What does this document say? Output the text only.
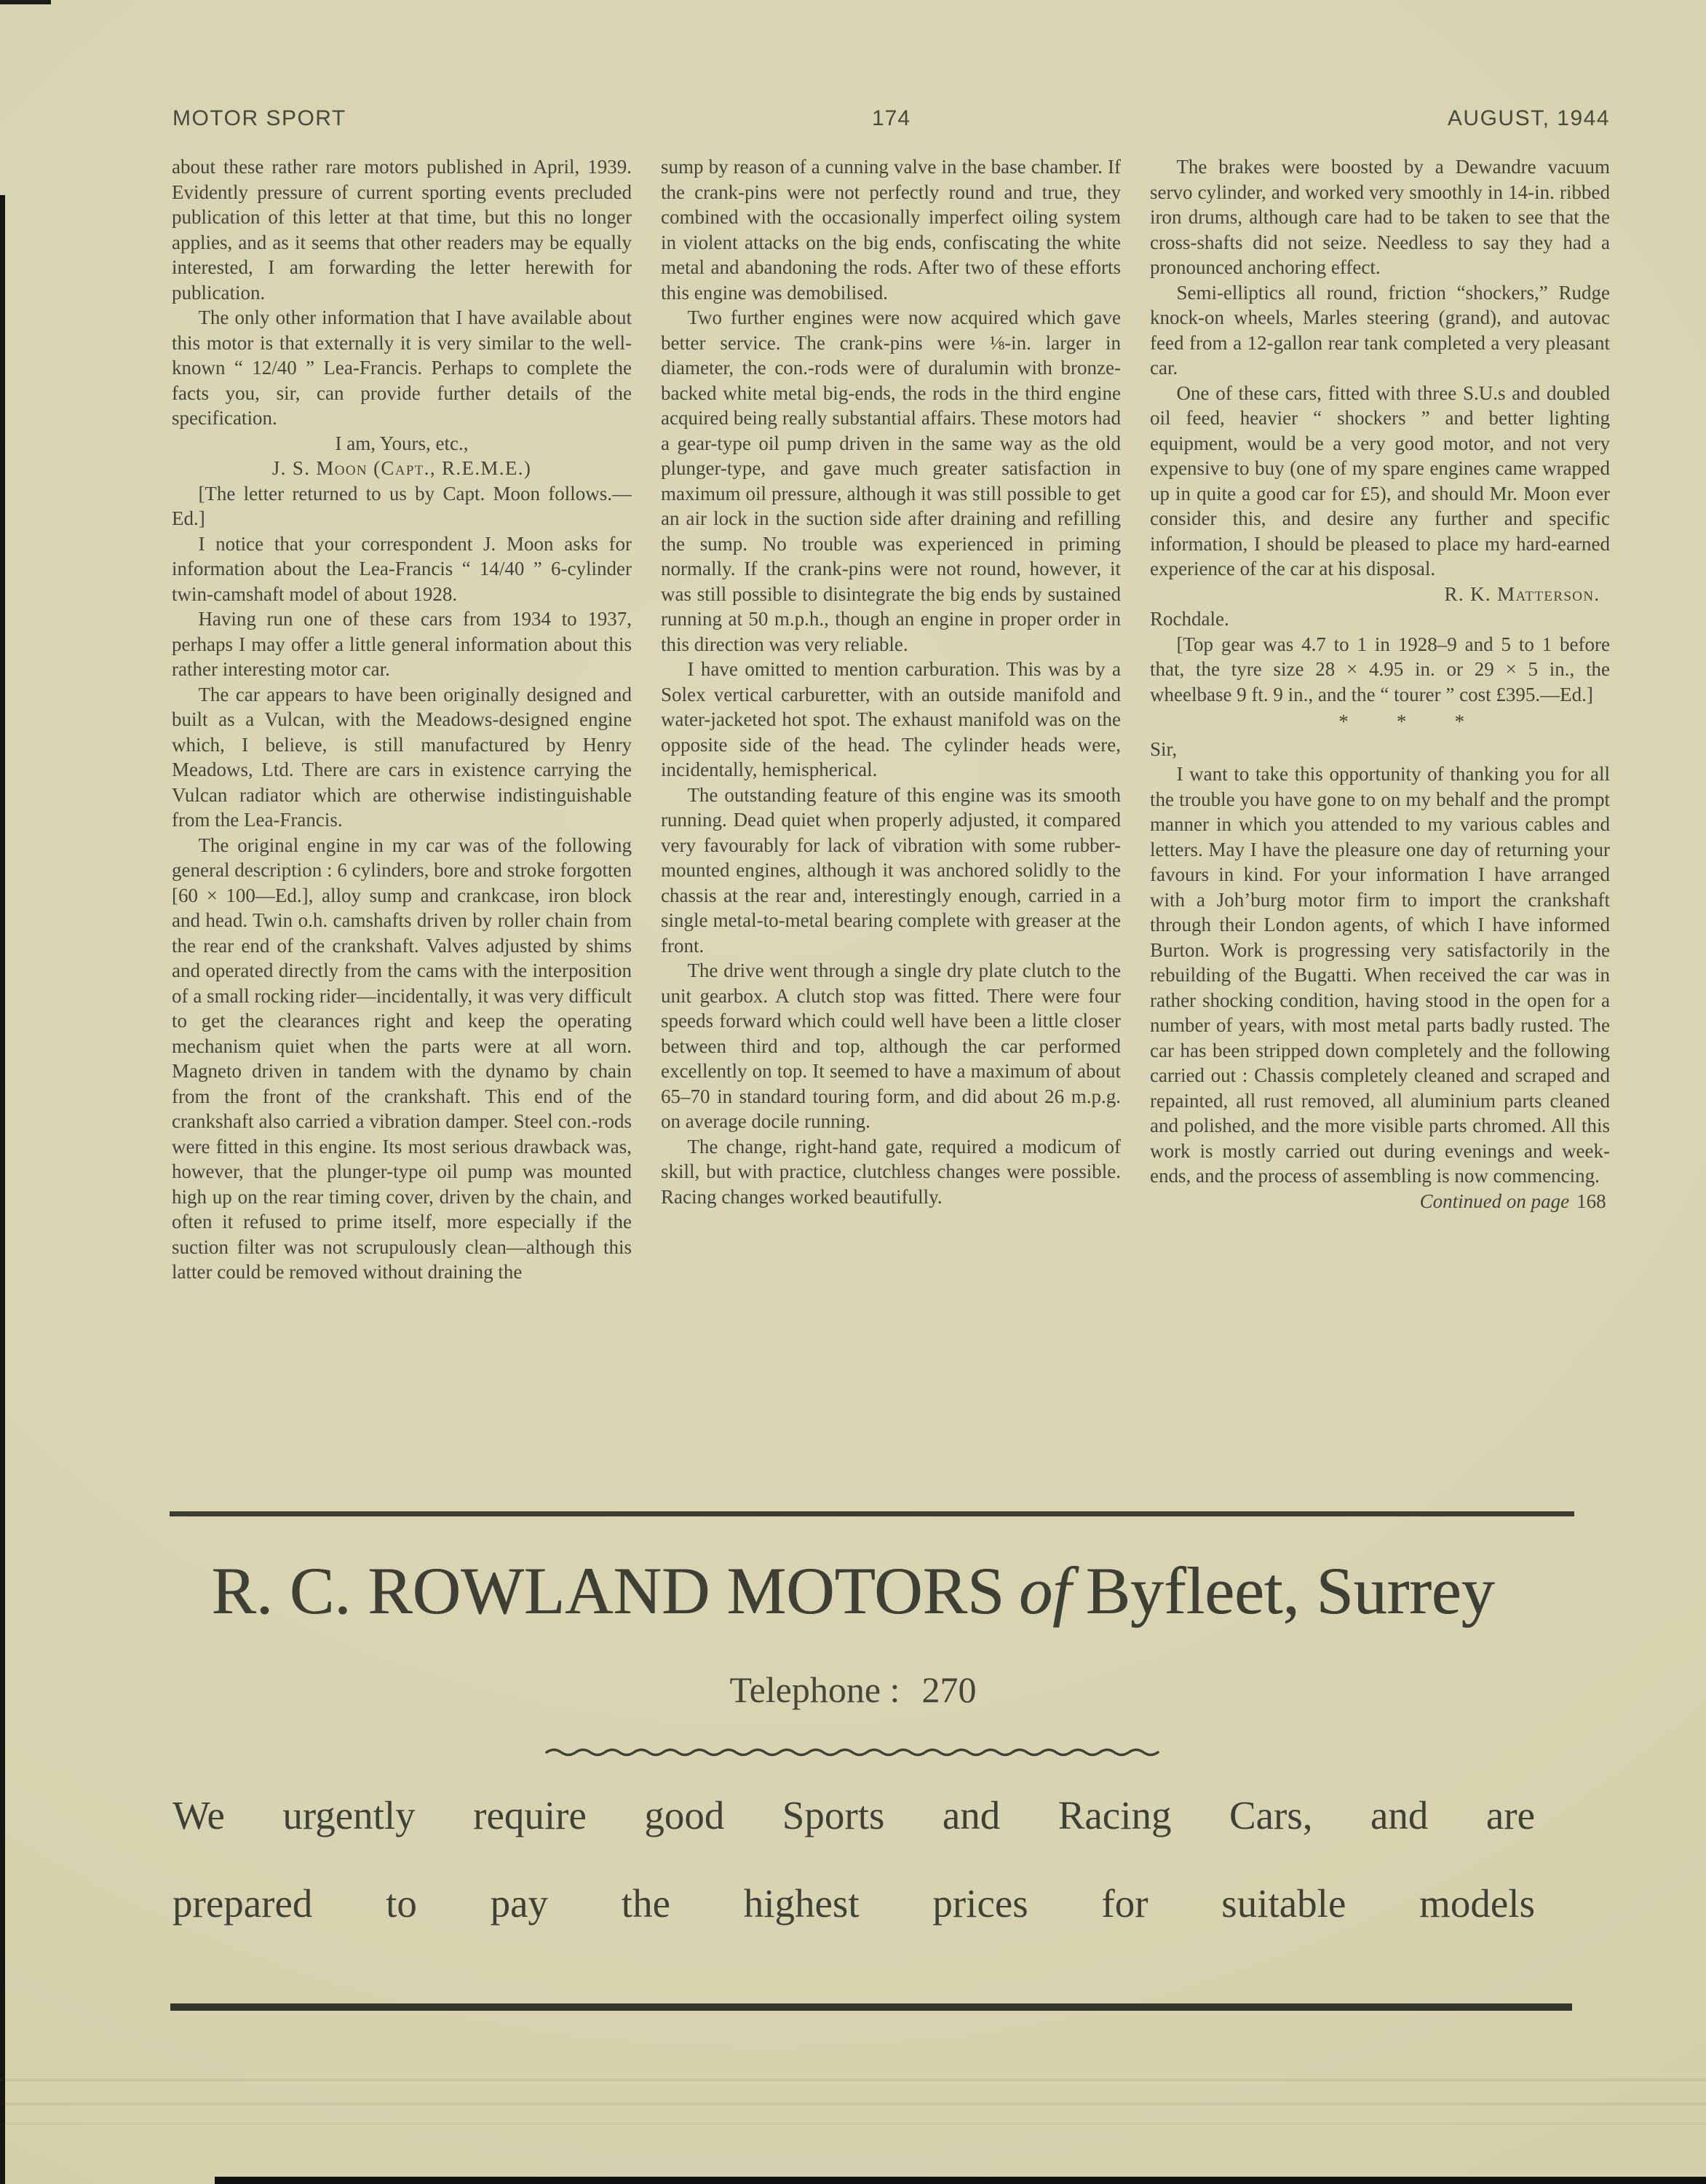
MOTOR SPORT	174	AUGUST, 1944

about these rather rare motors published in April, 1939. Evidently pressure of current sporting events precluded publication of this letter at that time, but this no longer applies, and as it seems that other readers may be equally interested, I am forwarding the letter herewith for publication.

The only other information that I have available about this motor is that externally it is very similar to the well-known “ 12/40 ” Lea-Francis. Perhaps to complete the facts you, sir, can provide further details of the specification.

I am, Yours, etc.,

J. S. Moon (Capt., R.E.M.E.)

[The letter returned to us by Capt. Moon follows.—Ed.]

I notice that your correspondent J. Moon asks for information about the Lea-Francis “ 14/40 ” 6-cylinder twin-camshaft model of about 1928.

Having run one of these cars from 1934 to 1937, perhaps I may offer a little general information about this rather interesting motor car.

The car appears to have been originally designed and built as a Vulcan, with the Meadows-designed engine which, I believe, is still manufactured by Henry Meadows, Ltd. There are cars in existence carrying the Vulcan radiator which are otherwise indistinguishable from the Lea-Francis.

The original engine in my car was of the following general description : 6 cylinders, bore and stroke forgotten [60 × 100—Ed.], alloy sump and crankcase, iron block and head. Twin o.h. camshafts driven by roller chain from the rear end of the crankshaft. Valves adjusted by shims and operated directly from the cams with the interposition of a small rocking rider—incidentally, it was very difficult to get the clearances right and keep the operating mechanism quiet when the parts were at all worn. Magneto driven in tandem with the dynamo by chain from the front of the crankshaft. This end of the crankshaft also carried a vibration damper. Steel con.-rods were fitted in this engine. Its most serious drawback was, however, that the plunger-type oil pump was mounted high up on the rear timing cover, driven by the chain, and often it refused to prime itself, more especially if the suction filter was not scrupulously clean—although this latter could be removed without draining the

sump by reason of a cunning valve in the base chamber. If the crank-pins were not perfectly round and true, they combined with the occasionally imperfect oiling system in violent attacks on the big ends, confiscating the white metal and abandoning the rods. After two of these efforts this engine was demobilised.

Two further engines were now acquired which gave better service. The crank-pins were ⅛-in. larger in diameter, the con.-rods were of duralumin with bronze-backed white metal big-ends, the rods in the third engine acquired being really substantial affairs. These motors had a gear-type oil pump driven in the same way as the old plunger-type, and gave much greater satisfaction in maximum oil pressure, although it was still possible to get an air lock in the suction side after draining and refilling the sump. No trouble was experienced in priming normally. If the crank-pins were not round, however, it was still possible to disintegrate the big ends by sustained running at 50 m.p.h., though an engine in proper order in this direction was very reliable.

I have omitted to mention carburation. This was by a Solex vertical carburetter, with an outside manifold and water-jacketed hot spot. The exhaust manifold was on the opposite side of the head. The cylinder heads were, incidentally, hemispherical.

The outstanding feature of this engine was its smooth running. Dead quiet when properly adjusted, it compared very favourably for lack of vibration with some rubber-mounted engines, although it was anchored solidly to the chassis at the rear and, interestingly enough, carried in a single metal-to-metal bearing complete with greaser at the front.

The drive went through a single dry plate clutch to the unit gearbox. A clutch stop was fitted. There were four speeds forward which could well have been a little closer between third and top, although the car performed excellently on top. It seemed to have a maximum of about 65–70 in standard touring form, and did about 26 m.p.g. on average docile running.

The change, right-hand gate, required a modicum of skill, but with practice, clutchless changes were possible. Racing changes worked beautifully.

The brakes were boosted by a Dewandre vacuum servo cylinder, and worked very smoothly in 14-in. ribbed iron drums, although care had to be taken to see that the cross-shafts did not seize. Needless to say they had a pronounced anchoring effect.

Semi-elliptics all round, friction “shockers,” Rudge knock-on wheels, Marles steering (grand), and autovac feed from a 12-gallon rear tank completed a very pleasant car.

One of these cars, fitted with three S.U.s and doubled oil feed, heavier “ shockers ” and better lighting equipment, would be a very good motor, and not very expensive to buy (one of my spare engines came wrapped up in quite a good car for £5), and should Mr. Moon ever consider this, and desire any further and specific information, I should be pleased to place my hard-earned experience of the car at his disposal.

R. K. Matterson.

Rochdale.

[Top gear was 4.7 to 1 in 1928–9 and 5 to 1 before that, the tyre size 28 × 4.95 in. or 29 × 5 in., the wheelbase 9 ft. 9 in., and the “ tourer ” cost £395.—Ed.]

* * *

Sir,

I want to take this opportunity of thanking you for all the trouble you have gone to on my behalf and the prompt manner in which you attended to my various cables and letters. May I have the pleasure one day of returning your favours in kind. For your information I have arranged with a Joh’burg motor firm to import the crankshaft through their London agents, of which I have informed Burton. Work is progressing very satisfactorily in the rebuilding of the Bugatti. When received the car was in rather shocking condition, having stood in the open for a number of years, with most metal parts badly rusted. The car has been stripped down completely and the following carried out : Chassis completely cleaned and scraped and repainted, all rust removed, all aluminium parts cleaned and polished, and the more visible parts chromed. All this work is mostly carried out during evenings and week-ends, and the process of assembling is now commencing.

Continued on page 168

R. C. ROWLAND MOTORS of Byfleet, Surrey
Telephone : 270
We urgently require good Sports and Racing Cars, and are
prepared to pay the highest prices for suitable models
